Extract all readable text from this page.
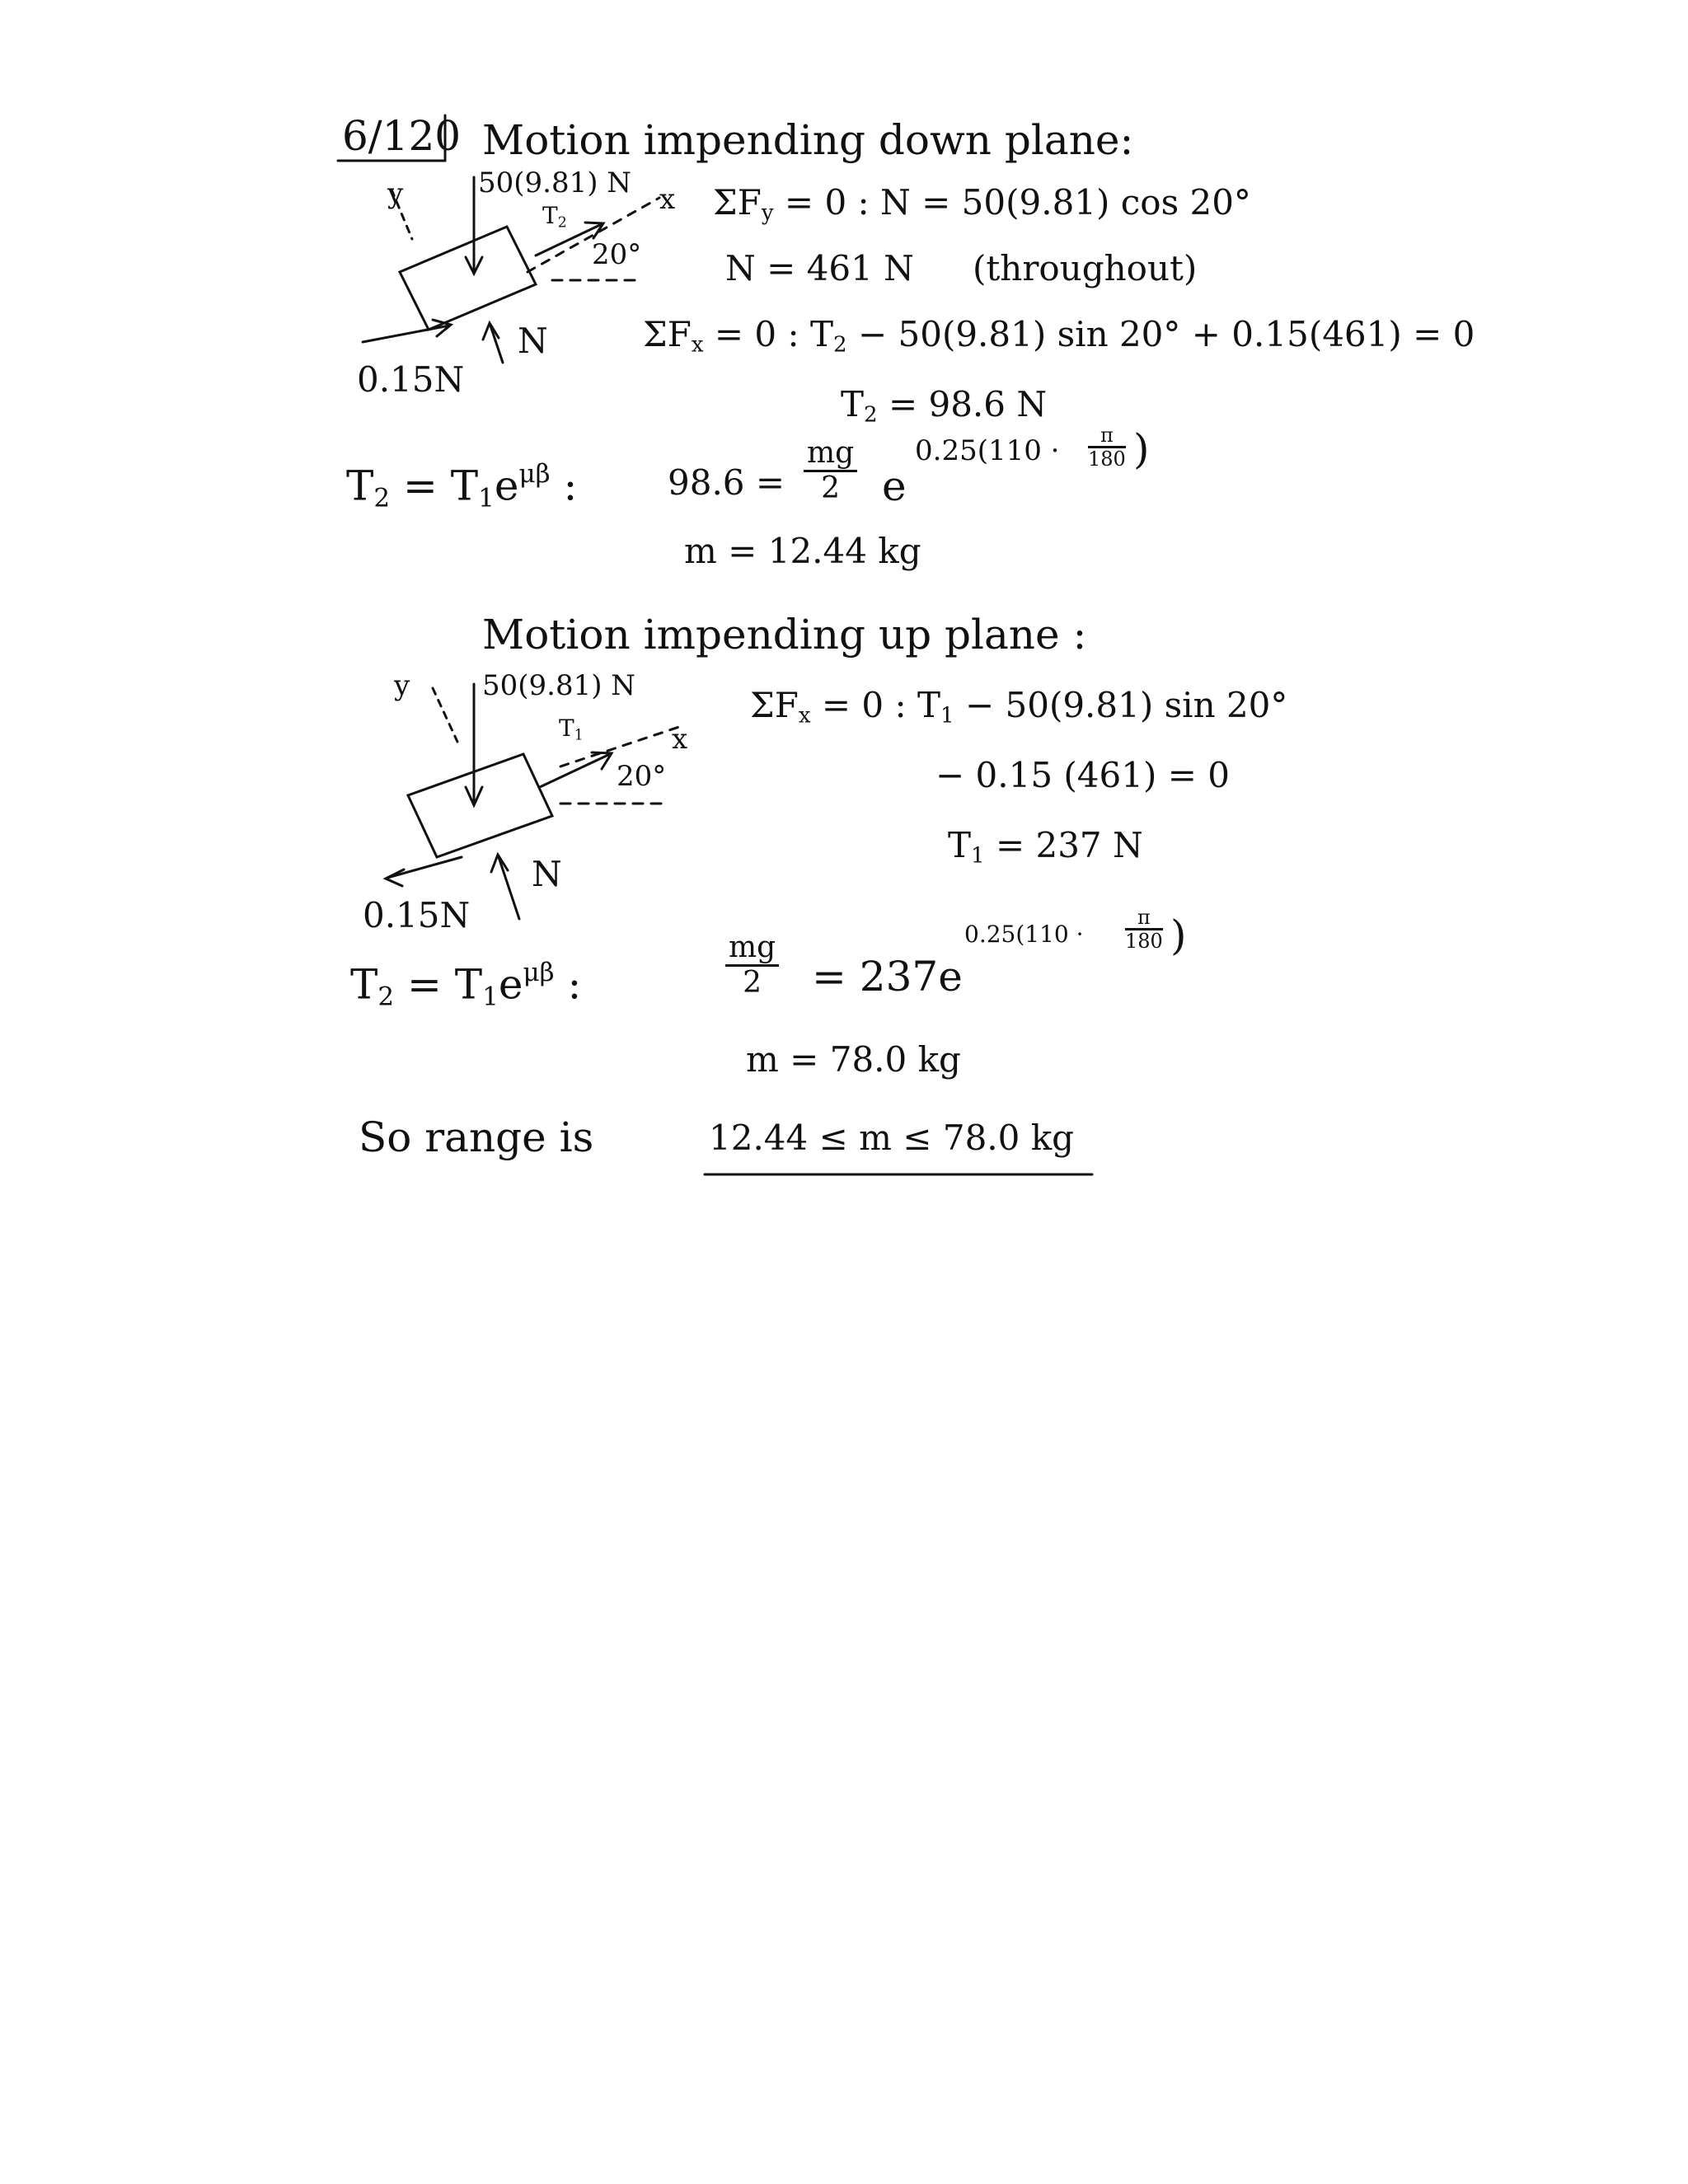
6/120 Motion impending down plane:
y	50(9.81) N x
T2
20°
N
0.15N
ΣFy = 0 : N = 50(9.81) cos 20°
N = 461 N (throughout)
ΣFx = 0 : T2 − 50(9.81) sin 20° + 0.15(461) = 0
T2 = 98.6 N
$T2 = T1e^{\mu\beta}$ :	$98.6 = \frac{mg}{2}$ e
$0.25(110 \cdot \frac{\pi}{180}$ )
m = 12.44 kg
Motion impending up plane :
y	50(9.81) N
T1	x
20°
N
0.15N
ΣFx = 0 : T1 − 50(9.81) sin 20°
− 0.15 (461) = 0
T1 = 237 N
$T2 = T1e^{\mu\beta}$ :	$\frac{mg}{2} = 237e$
$0.25(110 \cdot \frac{\pi}{180}$ )
m = 78.0 kg
So range is	12.44 ≤ m ≤ 78.0 kg
